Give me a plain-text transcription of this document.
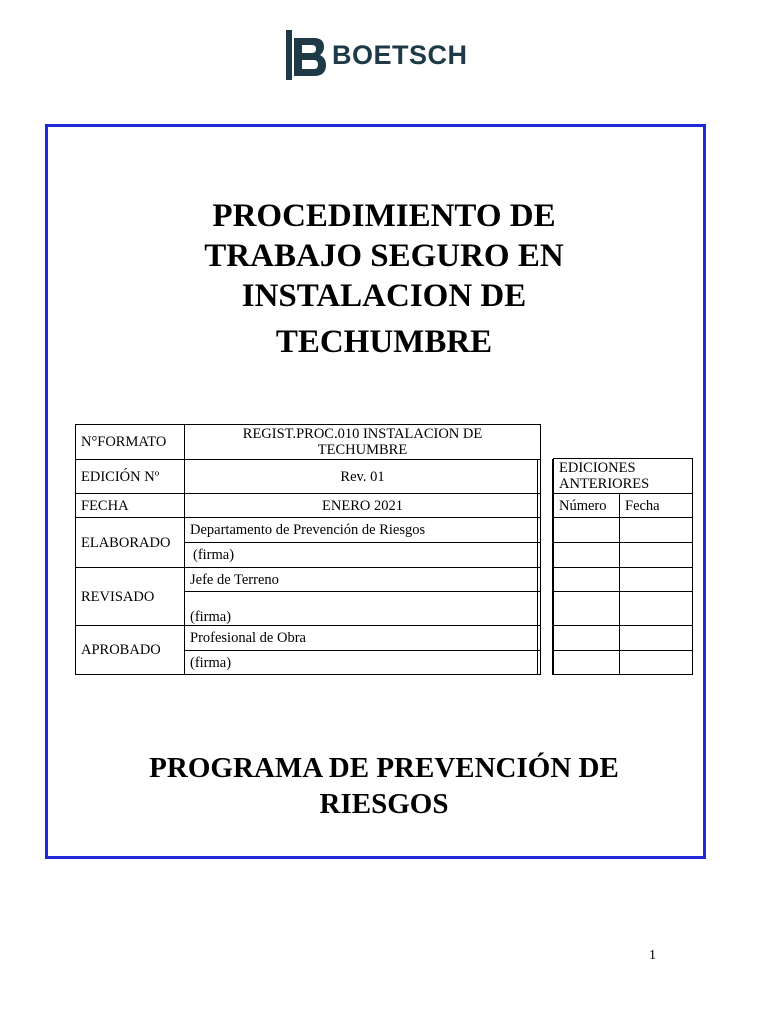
BOETSCH
PROCEDIMIENTO DE
TRABAJO SEGURO EN
INSTALACION DE
TECHUMBRE
N°FORMATO	REGIST.PROC.010 INSTALACION DE
TECHUMBRE
EDICIÓN Nº	Rev. 01
FECHA	ENERO 2021
ELABORADO	Departamento de Prevención de Riesgos
	(firma)
REVISADO	Jefe de Terreno
	(firma)
APROBADO	Profesional de Obra
	(firma)
EDICIONES
ANTERIORES	
Número	Fecha

PROGRAMA DE PREVENCIÓN DE
RIESGOS
1
